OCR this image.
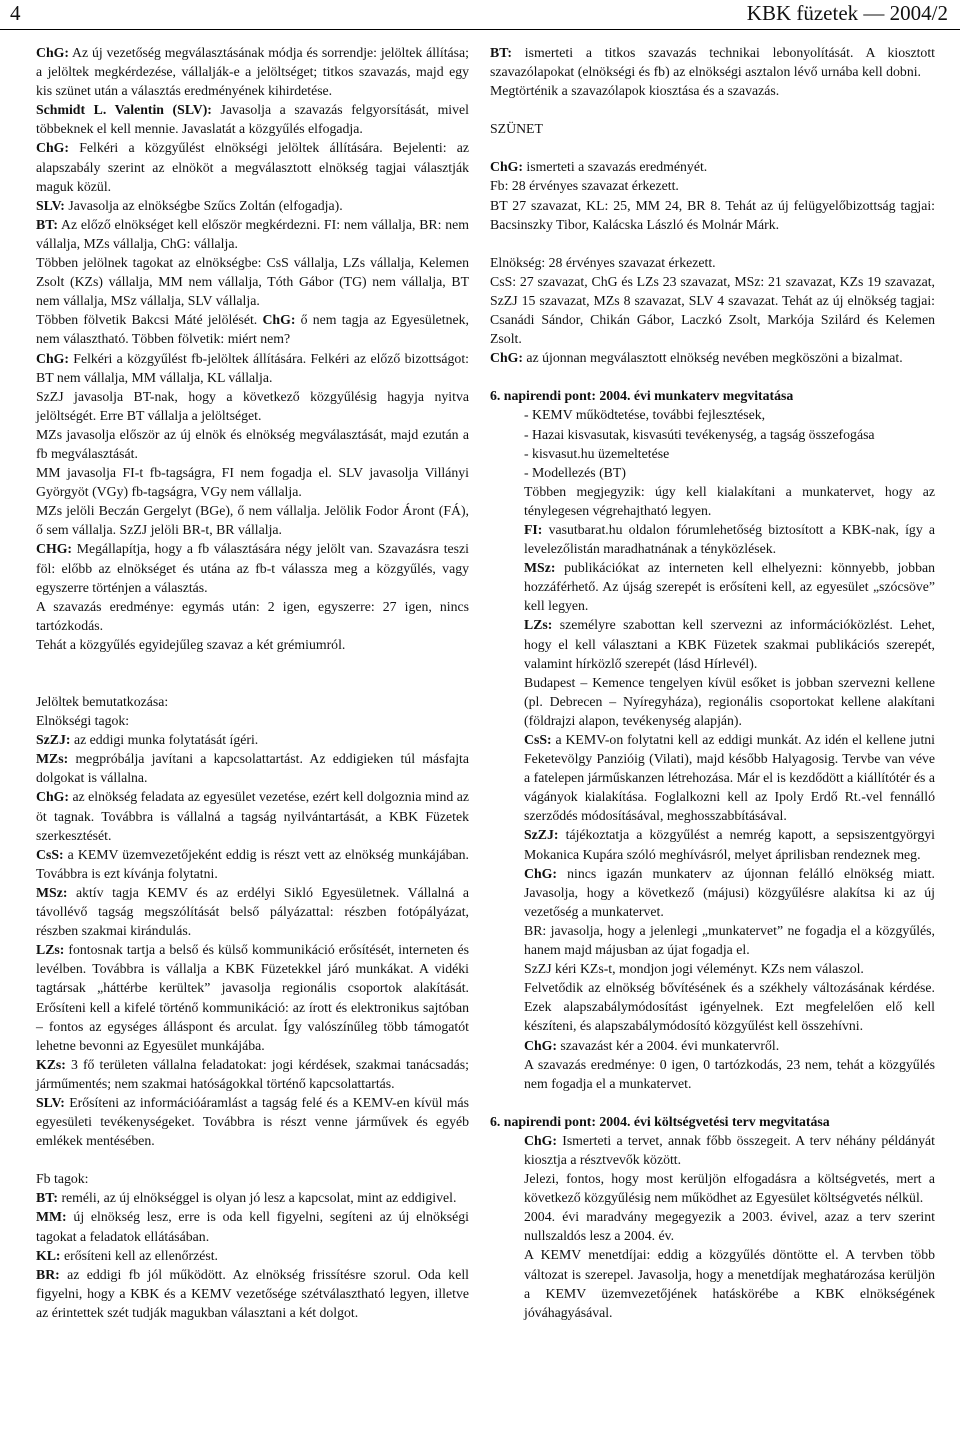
4	KBK füzetek — 2004/2

ChG: Az új vezetőség megválasztásának módja és sorrendje: jelöltek állítása; a jelöltek megkérdezése, vállalják-e a jelöltséget; titkos szavazás, majd egy kis szünet után a választás eredményének kihirdetése.

Schmidt L. Valentin (SLV): Javasolja a szavazás felgyorsítását, mivel többeknek el kell mennie. Javaslatát a közgyűlés elfogadja.

ChG: Felkéri a közgyűlést elnökségi jelöltek állítására. Bejelenti: az alapszabály szerint az elnököt a megválasztott elnökség tagjai választják maguk közül.

SLV: Javasolja az elnökségbe Szűcs Zoltán (elfogadja).

BT: Az előző elnökséget kell először megkérdezni. FI: nem vállalja, BR: nem vállalja, MZs vállalja, ChG: vállalja.

Többen jelölnek tagokat az elnökségbe: CsS vállalja, LZs vállalja, Kelemen Zsolt (KZs) vállalja, MM nem vállalja, Tóth Gábor (TG) nem vállalja, BT nem vállalja, MSz vállalja, SLV vállalja.

Többen fölvetik Bakcsi Máté jelölését. ChG: ő nem tagja az Egyesületnek, nem választható. Többen fölvetik: miért nem?

ChG: Felkéri a közgyűlést fb-jelöltek állítására. Felkéri az előző bizottságot: BT nem vállalja, MM vállalja, KL vállalja.

SzZJ javasolja BT-nak, hogy a következő közgyűlésig hagyja nyitva jelöltségét. Erre BT vállalja a jelöltséget.

MZs javasolja először az új elnök és elnökség megválasztását, majd ezután a fb megválasztását.

MM javasolja FI-t fb-tagságra, FI nem fogadja el. SLV javasolja Villányi Györgyöt (VGy) fb-tagságra, VGy nem vállalja.

MZs jelöli Beczán Gergelyt (BGe), ő nem vállalja. Jelölik Fodor Áront (FÁ), ő sem vállalja. SzZJ jelöli BR-t, BR vállalja.

CHG: Megállapítja, hogy a fb választására négy jelölt van. Szavazásra teszi föl: előbb az elnökséget és utána az fb-t válassza meg a közgyűlés, vagy egyszerre történjen a választás.

A szavazás eredménye: egymás után: 2 igen, egyszerre: 27 igen, nincs tartózkodás.

Tehát a közgyűlés egyidejűleg szavaz a két grémiumról.

Jelöltek bemutatkozása:

Elnökségi tagok:

SzZJ: az eddigi munka folytatását ígéri.

MZs: megpróbálja javítani a kapcsolattartást. Az eddigieken túl másfajta dolgokat is vállalna.

ChG: az elnökség feladata az egyesület vezetése, ezért kell dolgoznia mind az öt tagnak. Továbbra is vállalná a tagság nyilvántartását, a KBK Füzetek szerkesztését.

CsS: a KEMV üzemvezetőjeként eddig is részt vett az elnökség munkájában. Továbbra is ezt kívánja folytatni.

MSz: aktív tagja KEMV és az erdélyi Sikló Egyesületnek. Vállalná a távollévő tagság megszólítását belső pályázattal: részben fotópályázat, részben szakmai kirándulás.

LZs: fontosnak tartja a belső és külső kommunikáció erősítését, interneten és levélben. Továbbra is vállalja a KBK Füzetekkel járó munkákat. A vidéki tagtársak „háttérbe kerültek” javasolja regionális csoportok alakítását. Erősíteni kell a kifelé történő kommunikáció: az írott és elektronikus sajtóban – fontos az egységes álláspont és arculat. Így valószínűleg több támogatót lehetne bevonni az Egyesület munkájába.

KZs: 3 fő területen vállalna feladatokat: jogi kérdések, szakmai tanácsadás; járműmentés; nem szakmai hatóságokkal történő kapcsolattartás.

SLV: Erősíteni az információáramlást a tagság felé és a KEMV-en kívül más egyesületi tevékenységeket. Továbbra is részt venne járművek és egyéb emlékek mentésében.

Fb tagok:

BT: reméli, az új elnökséggel is olyan jó lesz a kapcsolat, mint az eddigivel.

MM: új elnökség lesz, erre is oda kell figyelni, segíteni az új elnökségi tagokat a feladatok ellátásában.

KL: erősíteni kell az ellenőrzést.

BR: az eddigi fb jól működött. Az elnökség frissítésre szorul. Oda kell figyelni, hogy a KBK és a KEMV vezetősége szétválasztható legyen, illetve az érintettek szét tudják magukban választani a két dolgot.

BT: ismerteti a titkos szavazás technikai lebonyolítását. A kiosztott szavazólapokat (elnökségi és fb) az elnökségi asztalon lévő urnába kell dobni.

Megtörténik a szavazólapok kiosztása és a szavazás.

SZÜNET

ChG: ismerteti a szavazás eredményét.

Fb: 28 érvényes szavazat érkezett.

BT 27 szavazat, KL: 25, MM 24, BR 8. Tehát az új felügyelőbizottság tagjai: Bacsinszky Tibor, Kalácska László és Molnár Márk.

Elnökség: 28 érvényes szavazat érkezett.

CsS: 27 szavazat, ChG és LZs 23 szavazat, MSz: 21 szavazat, KZs 19 szavazat, SzZJ 15 szavazat, MZs 8 szavazat, SLV 4 szavazat. Tehát az új elnökség tagjai: Csanádi Sándor, Chikán Gábor, Laczkó Zsolt, Markója Szilárd és Kelemen Zsolt.

ChG: az újonnan megválasztott elnökség nevében megköszöni a bizalmat.

6. napirendi pont: 2004. évi munkaterv megvitatása

- KEMV működtetése, további fejlesztések,

- Hazai kisvasutak, kisvasúti tevékenység, a tagság összefogása

- kisvasut.hu üzemeltetése

- Modellezés (BT)

Többen megjegyzik: úgy kell kialakítani a munkatervet, hogy az ténylegesen végrehajtható legyen.

FI: vasutbarat.hu oldalon fórumlehetőség biztosított a KBK-nak, így a levelezőlistán maradhatnának a tényközlések.

MSz: publikációkat az interneten kell elhelyezni: könnyebb, jobban hozzáférhető. Az újság szerepét is erősíteni kell, az egyesület „szócsöve” kell legyen.

LZs: személyre szabottan kell szervezni az információközlést. Lehet, hogy el kell választani a KBK Füzetek szakmai publikációs szerepét, valamint hírközlő szerepét (lásd Hírlevél).

Budapest – Kemence tengelyen kívül esőket is jobban szervezni kellene (pl. Debrecen – Nyíregyháza), regionális csoportokat kellene alakítani (földrajzi alapon, tevékenység alapján).

CsS: a KEMV-on folytatni kell az eddigi munkát. Az idén el kellene jutni Feketevölgy Panzióig (Vilati), majd később Halyagosig. Tervbe van véve a fatelepen járműskanzen létrehozása. Már el is kezdődött a kiállítótér és a vágányok kialakítása. Foglalkozni kell az Ipoly Erdő Rt.-vel fennálló szerződés módosításával, meghosszabbításával.

SzZJ: tájékoztatja a közgyűlést a nemrég kapott, a sepsiszentgyörgyi Mokanica Kupára szóló meghívásról, melyet áprilisban rendeznek meg.

ChG: nincs igazán munkaterv az újonnan felálló elnökség miatt. Javasolja, hogy a következő (májusi) közgyűlésre alakítsa ki az új vezetőség a munkatervet.

BR: javasolja, hogy a jelenlegi „munkatervet” ne fogadja el a közgyűlés, hanem majd májusban az újat fogadja el.

SzZJ kéri KZs-t, mondjon jogi véleményt. KZs nem válaszol.

Felvetődik az elnökség bővítésének és a székhely változásának kérdése. Ezek alapszabálymódosítást igényelnek. Ezt megfelelően elő kell készíteni, és alapszabálymódosító közgyűlést kell összehívni.

ChG: szavazást kér a 2004. évi munkatervről.

A szavazás eredménye: 0 igen, 0 tartózkodás, 23 nem, tehát a közgyűlés nem fogadja el a munkatervet.

6. napirendi pont: 2004. évi költségvetési terv megvitatása

ChG: Ismerteti a tervet, annak főbb összegeit. A terv néhány példányát kiosztja a résztvevők között.

Jelezi, fontos, hogy most kerüljön elfogadásra a költségvetés, mert a következő közgyűlésig nem működhet az Egyesület költségvetés nélkül.

2004. évi maradvány megegyezik a 2003. évivel, azaz a terv szerint nullszaldós lesz a 2004. év.

A KEMV menetdíjai: eddig a közgyűlés döntötte el. A tervben több változat is szerepel. Javasolja, hogy a menetdíjak meghatározása kerüljön a KEMV üzemvezetőjének hatáskörébe a KBK elnökségének jóváhagyásával.
